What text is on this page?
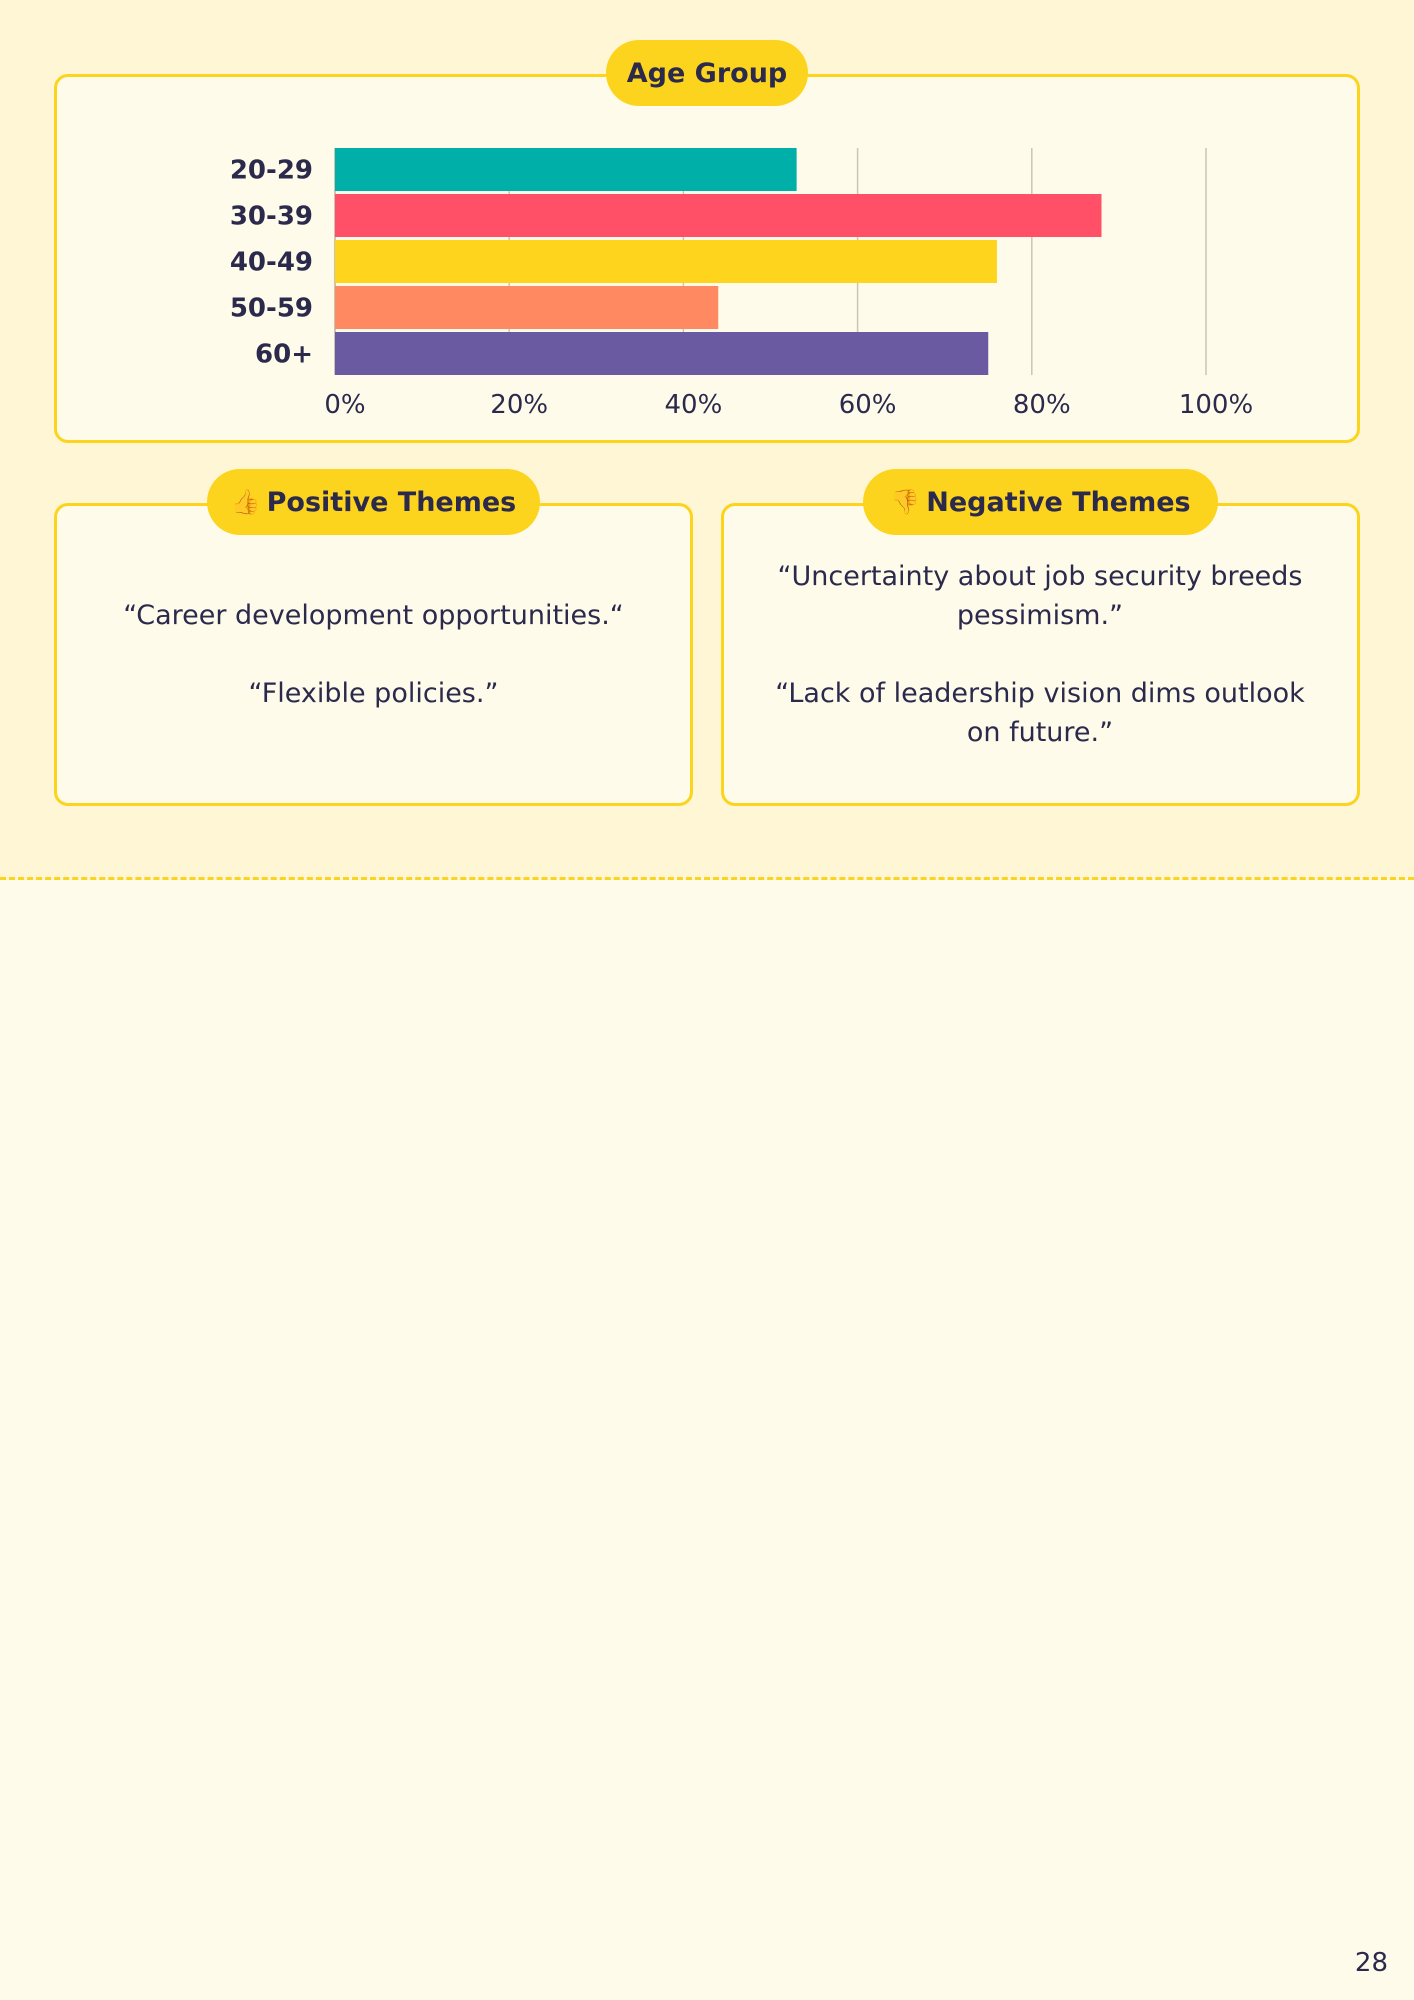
0%	20%	40%	60%	80%	100%
20-29
30-39
40-49
50-59
60+
Age Group
👍 Positive Themes

“Career development opportunities.“

“Flexible policies.”

👎 Negative Themes

“Uncertainty about job security breeds pessimism.”

“Lack of leadership vision dims outlook on future.”

28
